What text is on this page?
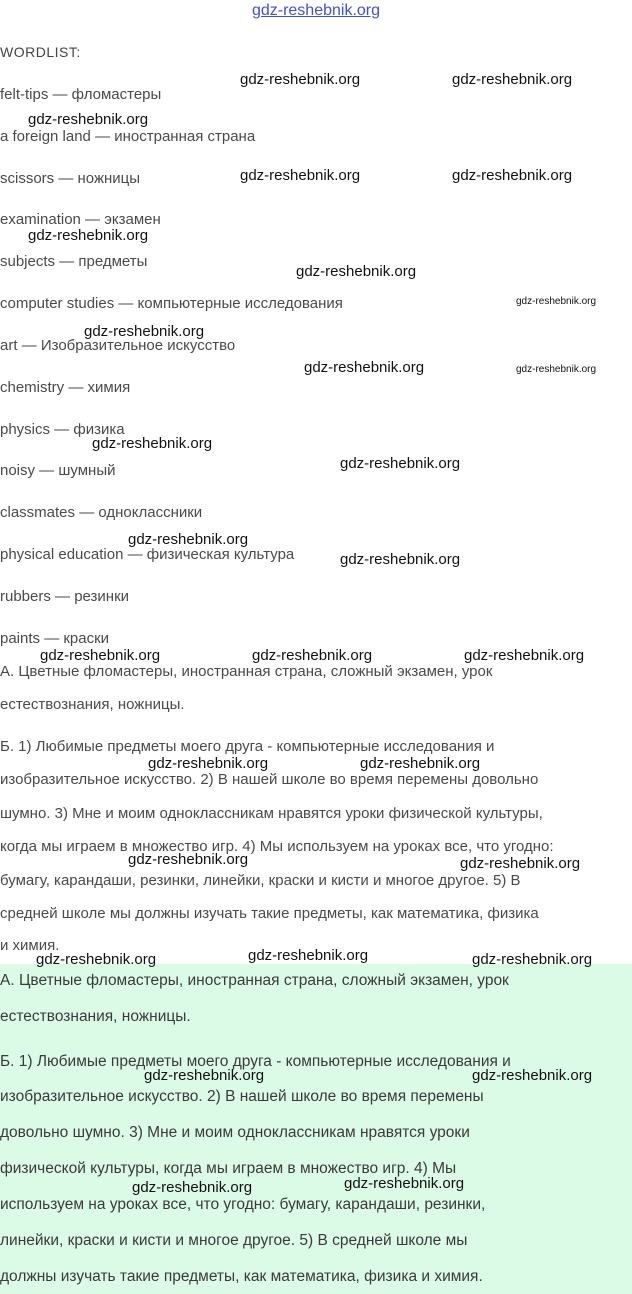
gdz-reshebnik.org
WORDLIST:
felt-tips — фломастеры
a foreign land — иностранная страна
scissors — ножницы
examination — экзамен
subjects — предметы
computer studies — компьютерные исследования
art — Изобразительное искусство
chemistry — химия
physics — физика
noisy — шумный
classmates — одноклассники
physical education — физическая культура
rubbers — резинки
paints — краски
А. Цветные фломастеры, иностранная страна, сложный экзамен, урок
естествознания, ножницы.
Б. 1) Любимые предметы моего друга - компьютерные исследования и
изобразительное искусство. 2) В нашей школе во время перемены довольно
шумно. 3) Мне и моим одноклассникам нравятся уроки физической культуры,
когда мы играем в множество игр. 4) Мы используем на уроках все, что угодно:
бумагу, карандаши, резинки, линейки, краски и кисти и многое другое. 5) В
средней школе мы должны изучать такие предметы, как математика, физика
и химия.
А. Цветные фломастеры, иностранная страна, сложный экзамен, урок
естествознания, ножницы.
Б. 1) Любимые предметы моего друга - компьютерные исследования и
изобразительное искусство. 2) В нашей школе во время перемены
довольно шумно. 3) Мне и моим одноклассникам нравятся уроки
физической культуры, когда мы играем в множество игр. 4) Мы
используем на уроках все, что угодно: бумагу, карандаши, резинки,
линейки, краски и кисти и многое другое. 5) В средней школе мы
должны изучать такие предметы, как математика, физика и химия.
gdz-reshebnik.org	gdz-reshebnik.org
gdz-reshebnik.org
gdz-reshebnik.org	gdz-reshebnik.org
gdz-reshebnik.org
gdz-reshebnik.org
gdz-reshebnik.org
gdz-reshebnik.org
gdz-reshebnik.org	gdz-reshebnik.org
gdz-reshebnik.org
gdz-reshebnik.org
gdz-reshebnik.org
gdz-reshebnik.org
gdz-reshebnik.org	gdz-reshebnik.org	gdz-reshebnik.org
gdz-reshebnik.org	gdz-reshebnik.org
gdz-reshebnik.org	gdz-reshebnik.org
gdz-reshebnik.org	gdz-reshebnik.org	gdz-reshebnik.org
gdz-reshebnik.org	gdz-reshebnik.org
gdz-reshebnik.org	gdz-reshebnik.org
